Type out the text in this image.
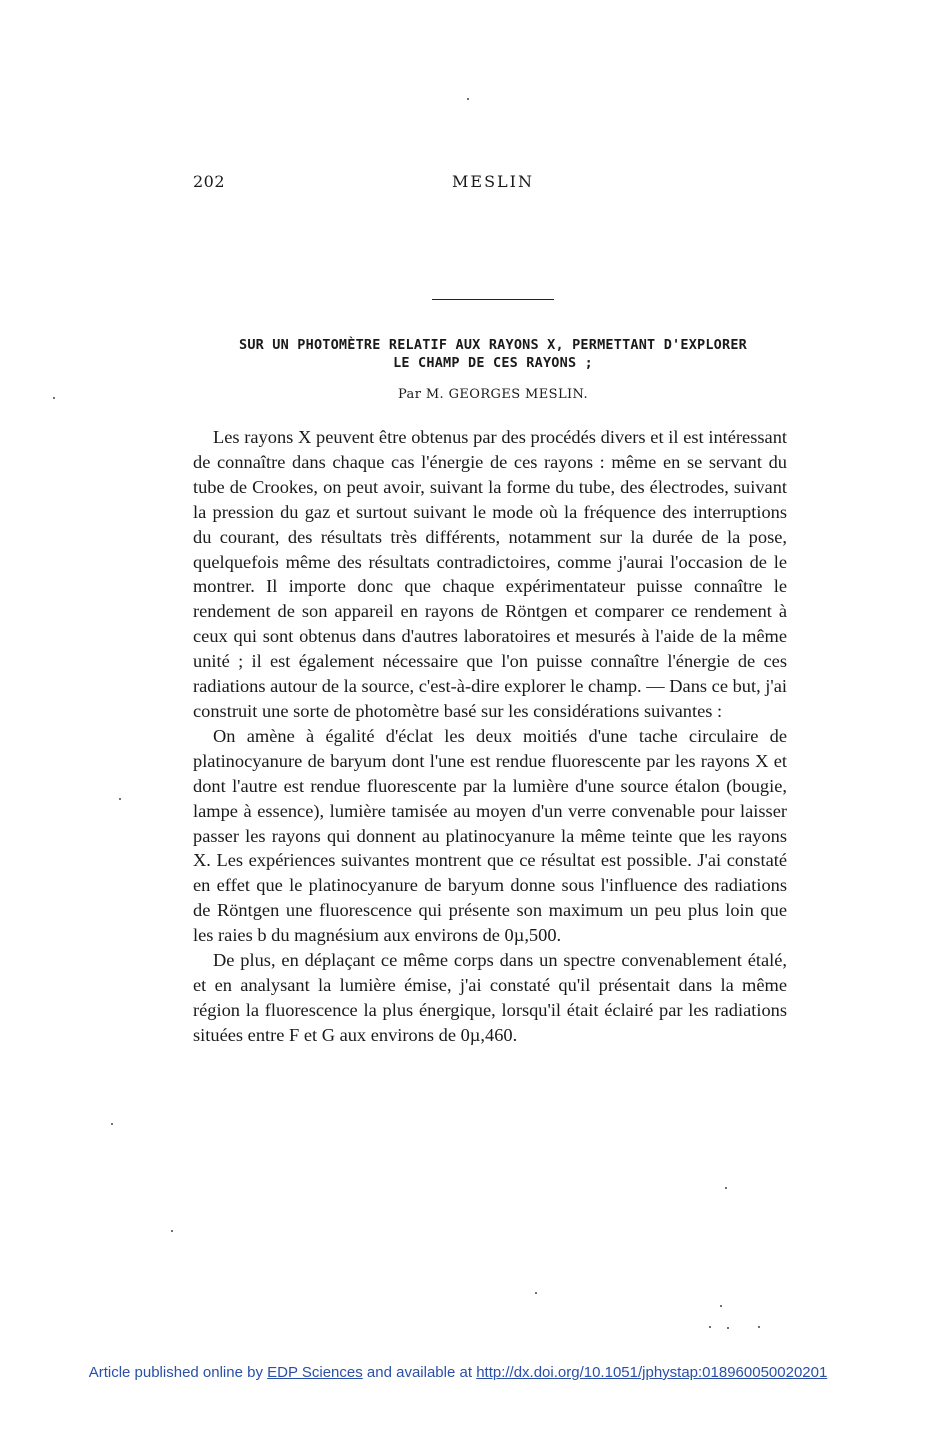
202	MESLIN
SUR UN PHOTOMÈTRE RELATIF AUX RAYONS X, PERMETTANT D'EXPLORER
LE CHAMP DE CES RAYONS ;
Par M. GEORGES MESLIN.

Les rayons X peuvent être obtenus par des procédés divers et il est intéressant de connaître dans chaque cas l'énergie de ces rayons : même en se servant du tube de Crookes, on peut avoir, suivant la forme du tube, des électrodes, suivant la pression du gaz et surtout suivant le mode où la fréquence des interruptions du courant, des résultats très différents, notamment sur la durée de la pose, quelquefois même des résultats contradictoires, comme j'aurai l'occasion de le montrer. Il importe donc que chaque expérimentateur puisse connaître le rendement de son appareil en rayons de Röntgen et comparer ce rendement à ceux qui sont obtenus dans d'autres laboratoires et mesurés à l'aide de la même unité ; il est également nécessaire que l'on puisse connaître l'énergie de ces radiations autour de la source, c'est-à-dire explorer le champ. — Dans ce but, j'ai construit une sorte de photomètre basé sur les considérations suivantes :

On amène à égalité d'éclat les deux moitiés d'une tache circulaire de platinocyanure de baryum dont l'une est rendue fluorescente par les rayons X et dont l'autre est rendue fluorescente par la lumière d'une source étalon (bougie, lampe à essence), lumière tamisée au moyen d'un verre convenable pour laisser passer les rayons qui donnent au platinocyanure la même teinte que les rayons X. Les expériences suivantes montrent que ce résultat est possible. J'ai constaté en effet que le platinocyanure de baryum donne sous l'influence des radiations de Röntgen une fluorescence qui présente son maximum un peu plus loin que les raies b du magnésium aux environs de 0µ,500.

De plus, en déplaçant ce même corps dans un spectre convenablement étalé, et en analysant la lumière émise, j'ai constaté qu'il présentait dans la même région la fluorescence la plus énergique, lorsqu'il était éclairé par les radiations situées entre F et G aux environs de 0µ,460.

Article published online by EDP Sciences and available at http://dx.doi.org/10.1051/jphystap:018960050020201
